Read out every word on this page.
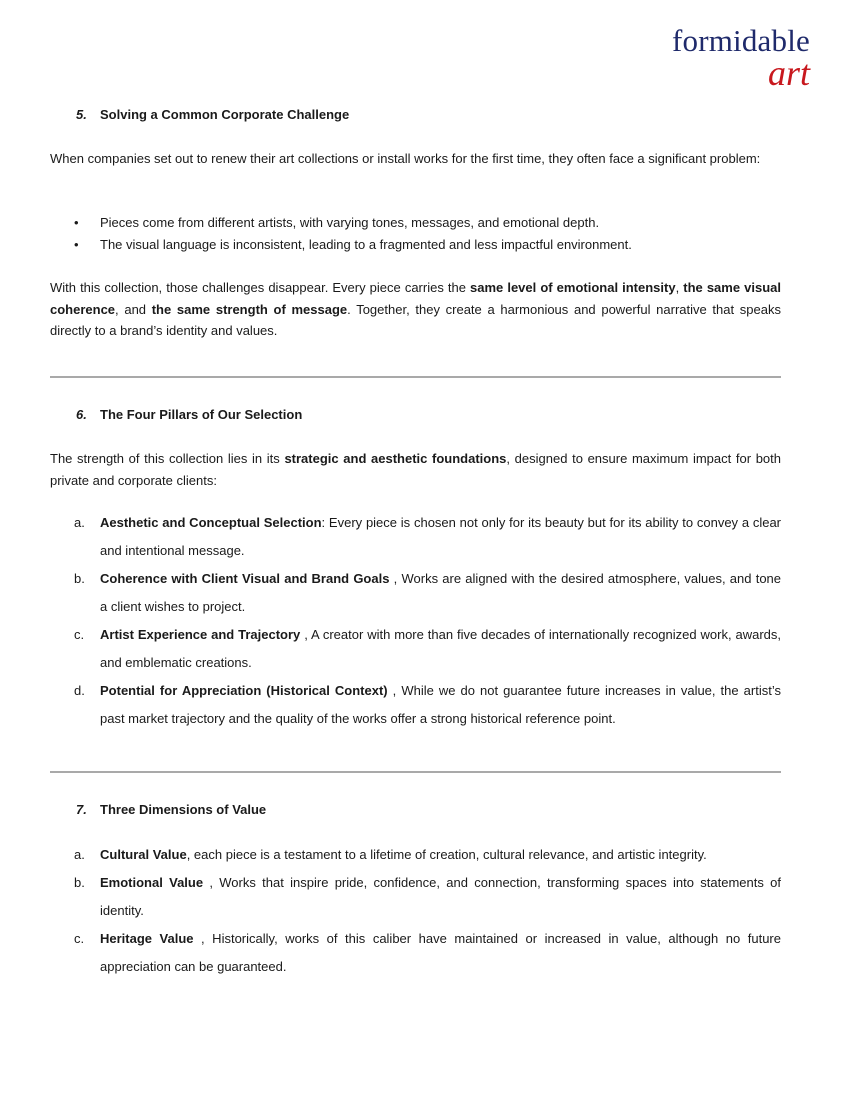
formidable
art
5. Solving a Common Corporate Challenge
When companies set out to renew their art collections or install works for the first time, they often face a significant problem:
• Pieces come from different artists, with varying tones, messages, and emotional depth.
• The visual language is inconsistent, leading to a fragmented and less impactful environment.
With this collection, those challenges disappear. Every piece carries the same level of emotional intensity, the same visual coherence, and the same strength of message. Together, they create a harmonious and powerful narrative that speaks directly to a brand’s identity and values.
6. The Four Pillars of Our Selection
The strength of this collection lies in its strategic and aesthetic foundations, designed to ensure maximum impact for both private and corporate clients:
a. Aesthetic and Conceptual Selection: Every piece is chosen not only for its beauty but for its ability to convey a clear and intentional message.
b. Coherence with Client Visual and Brand Goals , Works are aligned with the desired atmosphere, values, and tone a client wishes to project.
c. Artist Experience and Trajectory , A creator with more than five decades of internationally recognized work, awards, and emblematic creations.
d. Potential for Appreciation (Historical Context) , While we do not guarantee future increases in value, the artist’s past market trajectory and the quality of the works offer a strong historical reference point.
7. Three Dimensions of Value
a. Cultural Value, each piece is a testament to a lifetime of creation, cultural relevance, and artistic integrity.
b. Emotional Value , Works that inspire pride, confidence, and connection, transforming spaces into statements of identity.
c. Heritage Value , Historically, works of this caliber have maintained or increased in value, although no future appreciation can be guaranteed.
